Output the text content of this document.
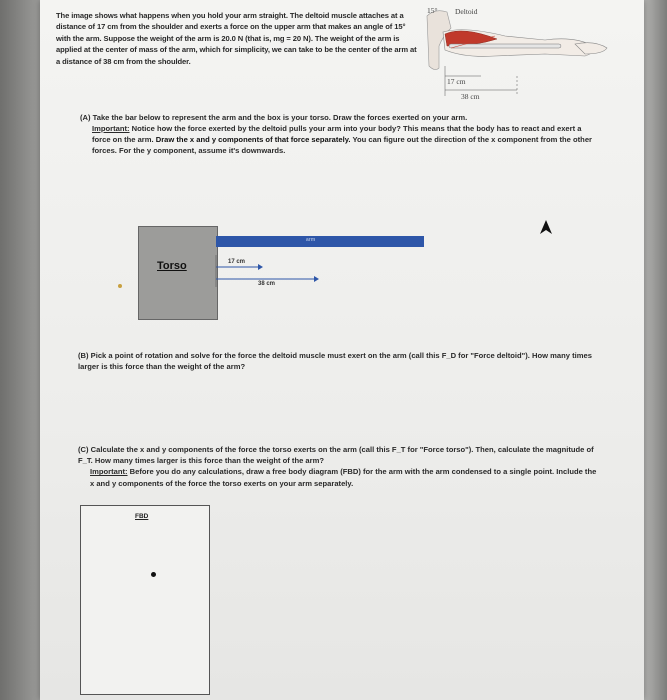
The image shows what happens when you hold your arm straight. The deltoid muscle attaches at a distance of 17 cm from the shoulder and exerts a force on the upper arm that makes an angle of 15° with the arm. Suppose the weight of the arm is 20.0 N (that is, mg = 20 N). The weight of the arm is applied at the center of mass of the arm, which for simplicity, we can take to be the center of the arm at a distance of 38 cm from the shoulder.
15° Deltoid
17 cm
38 cm

(A) Take the bar below to represent the arm and the box is your torso. Draw the forces exerted on your arm.

Important: Notice how the force exerted by the deltoid pulls your arm into your body? This means that the body has to react and exert a force on the arm. Draw the x and y components of that force separately. You can figure out the direction of the x component from the other forces. For the y component, assume it's downwards.

Torso
arm
17 cm
38 cm

(B) Pick a point of rotation and solve for the force the deltoid muscle must exert on the arm (call this F_D for "Force deltoid"). How many times larger is this force than the weight of the arm?

(C) Calculate the x and y components of the force the torso exerts on the arm (call this F_T for "Force torso"). Then, calculate the magnitude of F_T. How many times larger is this force than the weight of the arm?

Important: Before you do any calculations, draw a free body diagram (FBD) for the arm with the arm condensed to a single point. Include the x and y components of the force the torso exerts on your arm separately.

FBD
